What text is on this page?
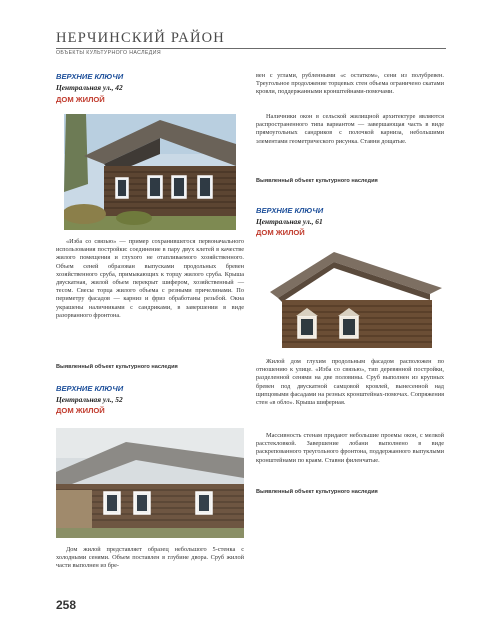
НЕРЧИНСКИЙ РАЙОН
ОБЪЕКТЫ КУЛЬТУРНОГО НАСЛЕДИЯ
ВЕРХНИЕ КЛЮЧИ
Центральная ул., 42
ДОМ ЖИЛОЙ
«Изба со связью» — пример сохранившегося первоначального использования постройки: соединение в пару двух клетей в качестве жилого помещения и глухого не отапливаемого хозяйственного. Объем сеней образован выпусками продольных бревен хозяйственного сруба, примыкающих к торцу жилого сруба. Крыша двускатная, жилой объем перекрыт шифером, хозяйственный — тесом. Свесы торца жилого объема с резными причелинами. По периметру фасадов — карниз и фриз обработаны резьбой. Окна украшены наличниками с сандриками, в завершении в виде разорванного фронтона.
Выявленный объект культурного наследия
ВЕРХНИЕ КЛЮЧИ
Центральная ул., 52
ДОМ ЖИЛОЙ
Дом жилой представляет образец небольшого 5-стенка с холодными сенями. Объем поставлен в глубине двора. Сруб жилой части выполнен из бре-
вен с углами, рубленными «с остатком», сени из полубревен. Треугольное продолжение торцевых стен объема ограничено скатами кровли, поддержанными кронштейнами-помочами.
Наличники окон в сельской жилищной архитектуре являются распространенного типа вариантом — завершающая часть в виде прямоугольных сандриков с полочкой карниза, небольшими элементами геометрического рисунка. Ставни дощатые.
Выявленный объект культурного наследия
ВЕРХНИЕ КЛЮЧИ
Центральная ул., 61
ДОМ ЖИЛОЙ
Жилой дом глухим продольным фасадом расположен по отношению к улице. «Изба со связью», тип деревянной постройки, разделенной сенями на две половины. Сруб выполнен из крупных бревен под двускатной самцовой кровлей, вынесенной над щипцовыми фасадами на резных кронштейнах-помочах. Сопряжения стен «в обло». Крыша шиферная.
Массивность стенам придают небольшие проемы окон, с мелкой расстекловкой. Завершение лобани выполнено в виде раскрепованного треугольного фронтона, поддержанного выпуклыми кронштейнами по краям. Ставни филенчатые.
Выявленный объект культурного наследия
258
